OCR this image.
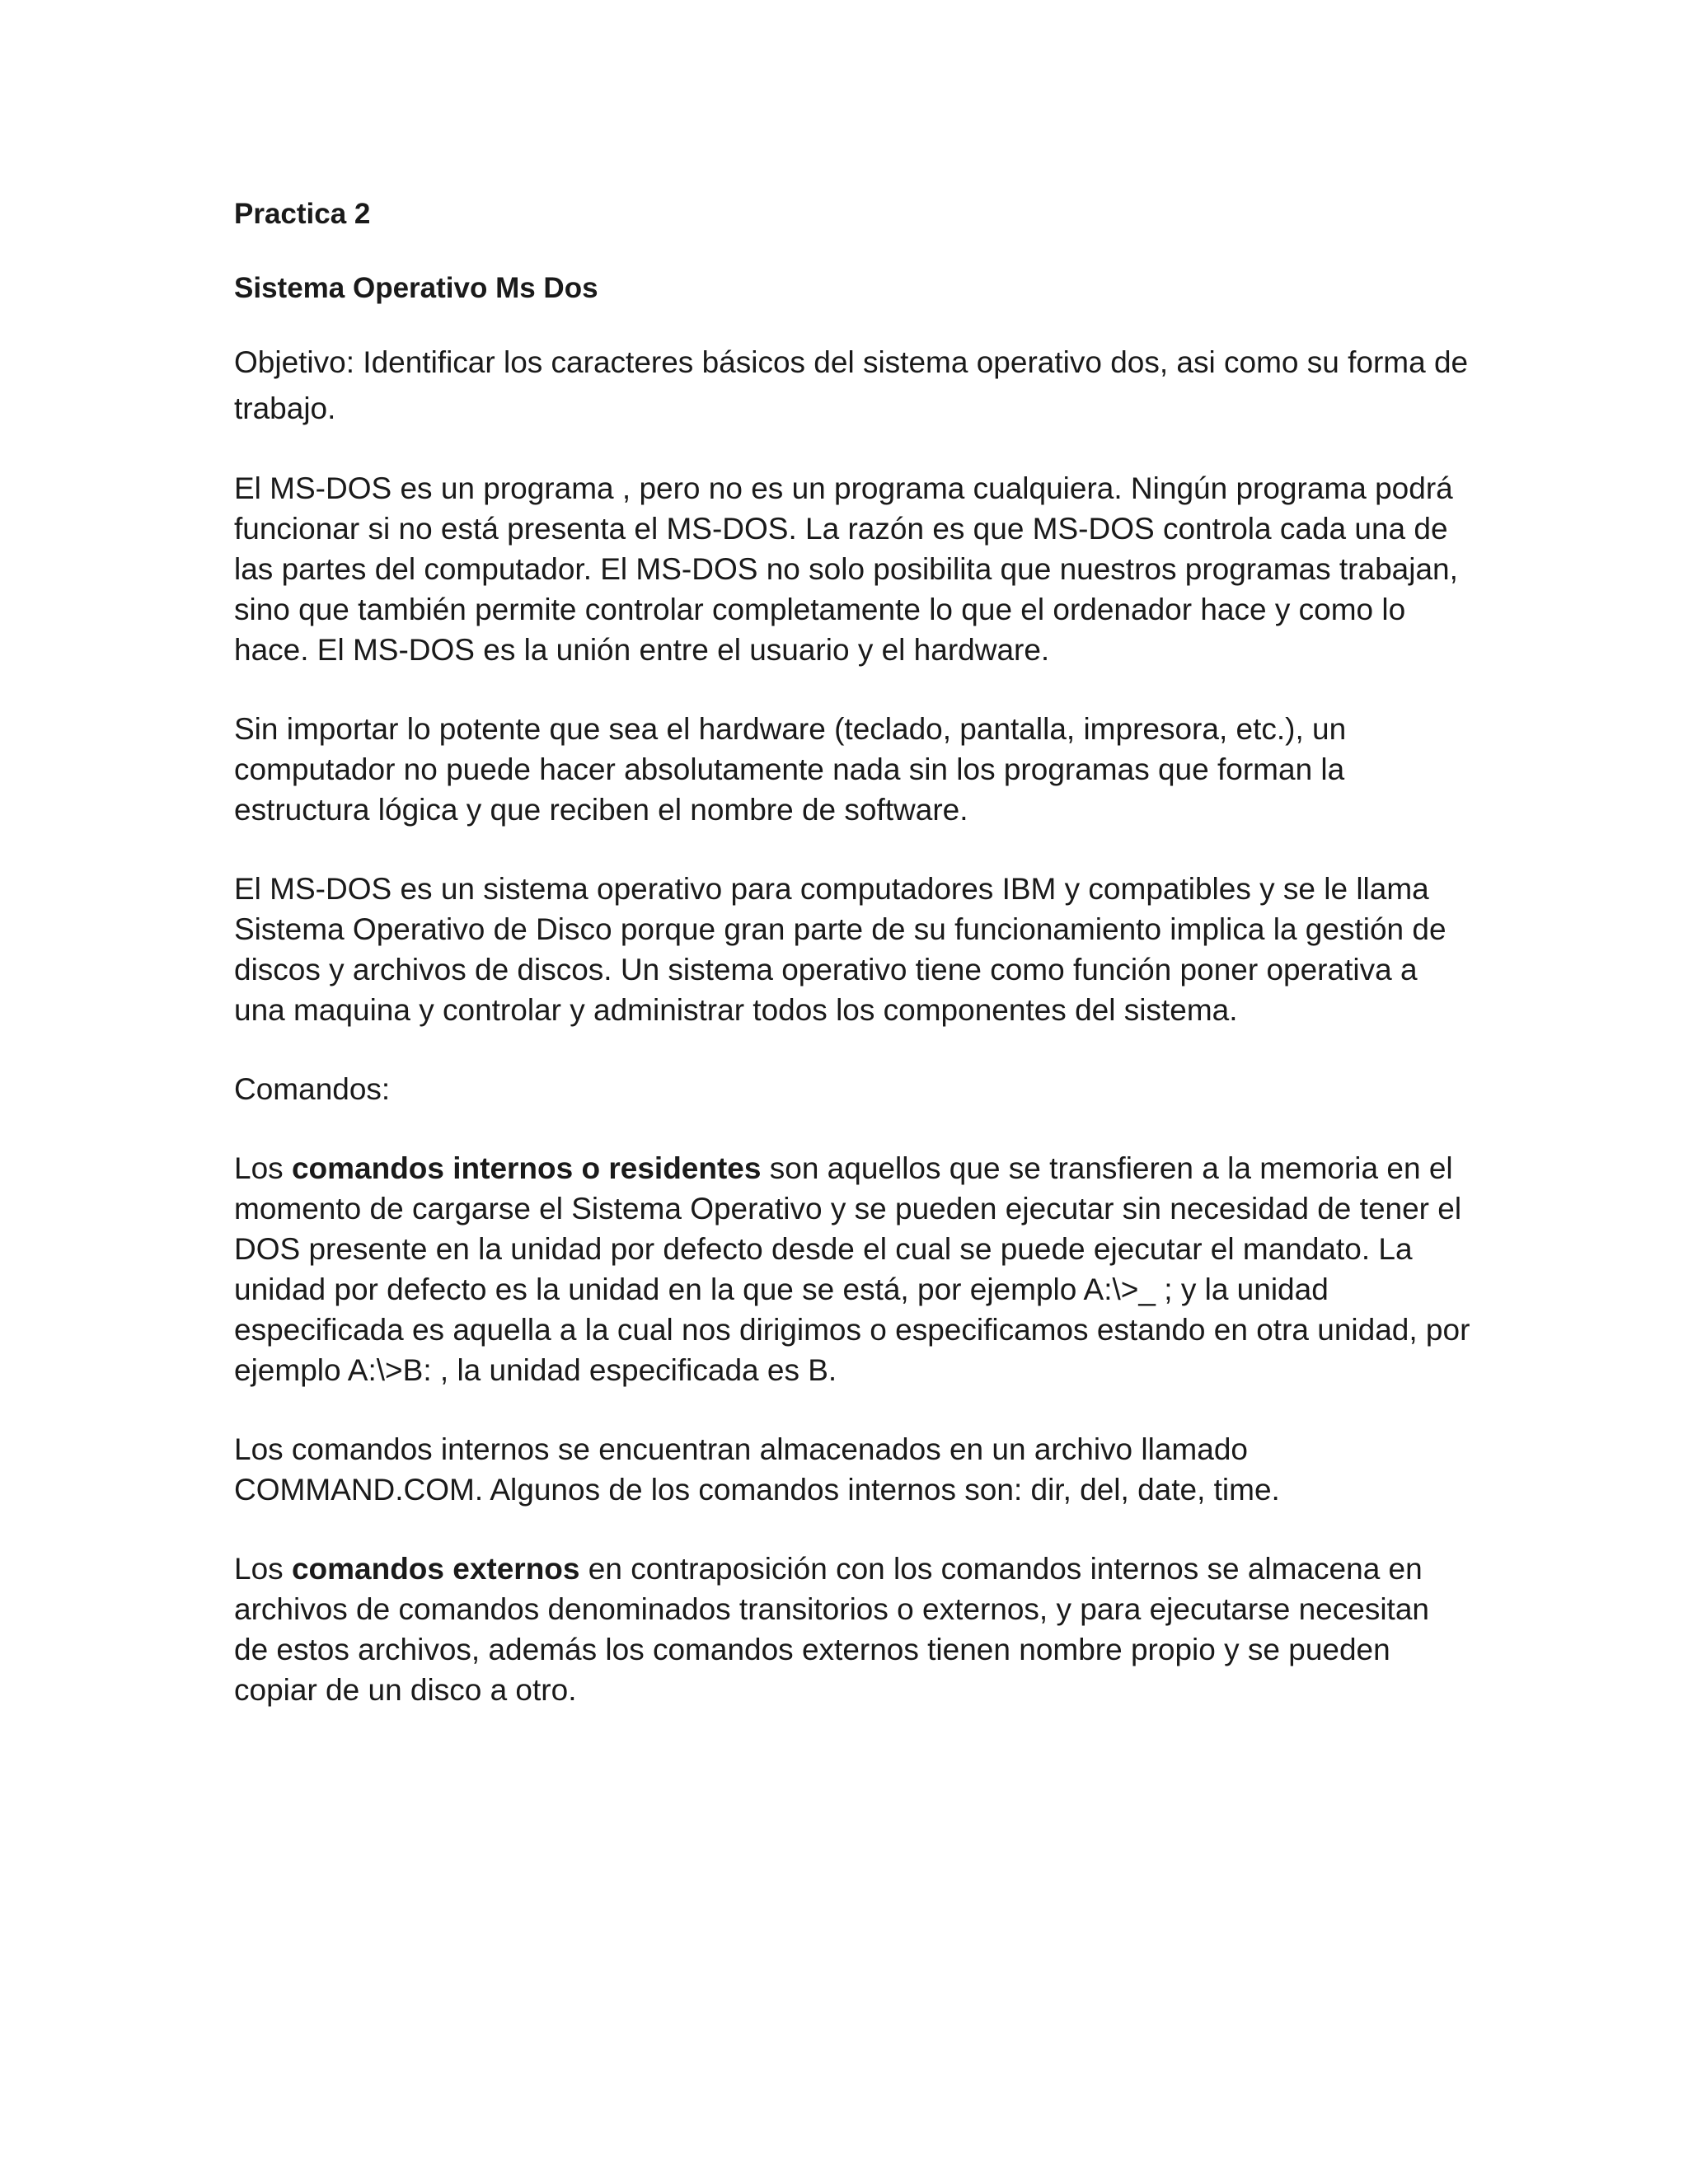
Practica 2

Sistema Operativo Ms Dos

Objetivo: Identificar los caracteres básicos del sistema operativo dos, asi como su forma de trabajo.

El MS-DOS es un programa , pero no es un programa cualquiera. Ningún programa podrá funcionar si no está presenta el MS-DOS. La razón es que MS-DOS controla cada una de las partes del computador. El MS-DOS no solo posibilita que nuestros programas trabajan, sino que también permite controlar completamente lo que el ordenador hace y como lo hace. El MS-DOS es la unión entre el usuario y el hardware.

Sin importar lo potente que sea el hardware (teclado, pantalla, impresora, etc.), un computador no puede hacer absolutamente nada sin los programas que forman la estructura lógica y que reciben el nombre de software.

El MS-DOS es un sistema operativo para computadores IBM y compatibles y se le llama Sistema Operativo de Disco porque gran parte de su funcionamiento implica la gestión de discos y archivos de discos. Un sistema operativo tiene como función poner operativa a una maquina y controlar y administrar todos los componentes del sistema.

Comandos:

Los comandos internos o residentes son aquellos que se transfieren a la memoria en el momento de cargarse el Sistema Operativo y se pueden ejecutar sin necesidad de tener el DOS presente en la unidad por defecto desde el cual se puede ejecutar el mandato. La unidad por defecto es la unidad en la que se está, por ejemplo A:\>_ ; y la unidad especificada es aquella a la cual nos dirigimos o especificamos estando en otra unidad, por ejemplo A:\>B: , la unidad especificada es B.

Los comandos internos se encuentran almacenados en un archivo llamado COMMAND.COM. Algunos de los comandos internos son: dir, del, date, time.

Los comandos externos en contraposición con los comandos internos se almacena en archivos de comandos denominados transitorios o externos, y para ejecutarse necesitan de estos archivos, además los comandos externos tienen nombre propio y se pueden copiar de un disco a otro.
